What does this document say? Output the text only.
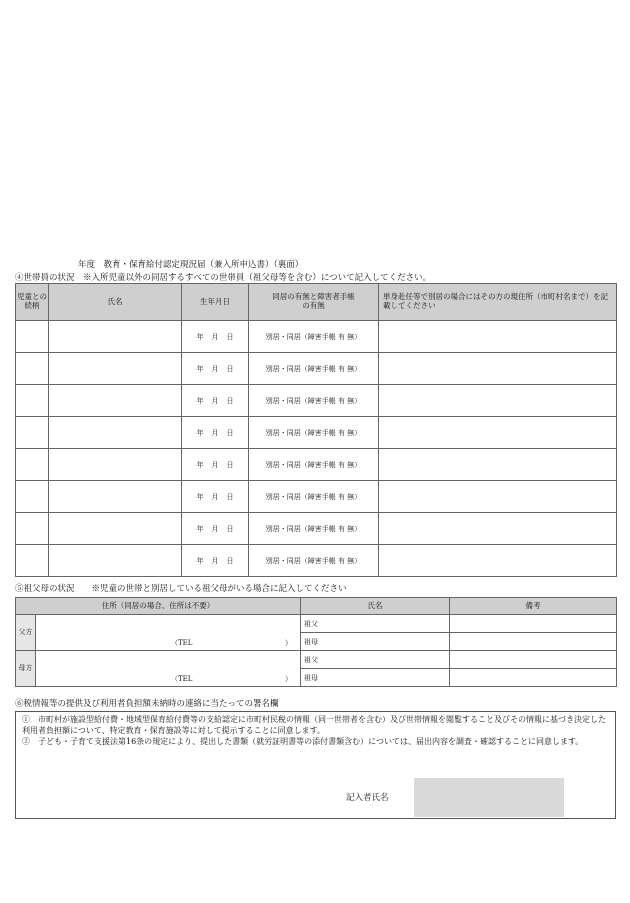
年度　教育・保育給付認定現況届（兼入所申込書）（裏面）
④世帯員の状況　※入所児童以外の同居するすべての世帯員（祖父母等を含む）について記入してください。
児童との続柄	氏名	生年月日	同居の有無と障害者手帳の有無	単身赴任等で別居の場合にはその方の現住所（市町村名まで）を記載してください
		年 月 日	別居・同居（障害手帳 有 無）	
		年 月 日	別居・同居（障害手帳 有 無）	
		年 月 日	別居・同居（障害手帳 有 無）	
		年 月 日	別居・同居（障害手帳 有 無）	
		年 月 日	別居・同居（障害手帳 有 無）	
		年 月 日	別居・同居（障害手帳 有 無）	
		年 月 日	別居・同居（障害手帳 有 無）	
		年 月 日	別居・同居（障害手帳 有 無）	
⑤祖父母の状況　　※児童の世帯と別居している祖父母がいる場合に記入してください
住所（同居の場合、住所は不要）		氏名	備考
父方	（TEL ）	祖父	
		祖母	
母方	（TEL ）	祖父	
		祖母	
⑥税情報等の提供及び利用者負担額未納時の連絡に当たっての署名欄

①　市町村が施設型給付費・地域型保育給付費等の支給認定に市町村民税の情報（同一世帯者を含む）及び世帯情報を閲覧すること及びその情報に基づき決定した利用者負担額について、特定教育・保育施設等に対して提示することに同意します。

②　子ども・子育て支援法第16条の規定により、提出した書類（就労証明書等の添付書類含む）については、届出内容を調査・確認することに同意します。

記入者氏名
